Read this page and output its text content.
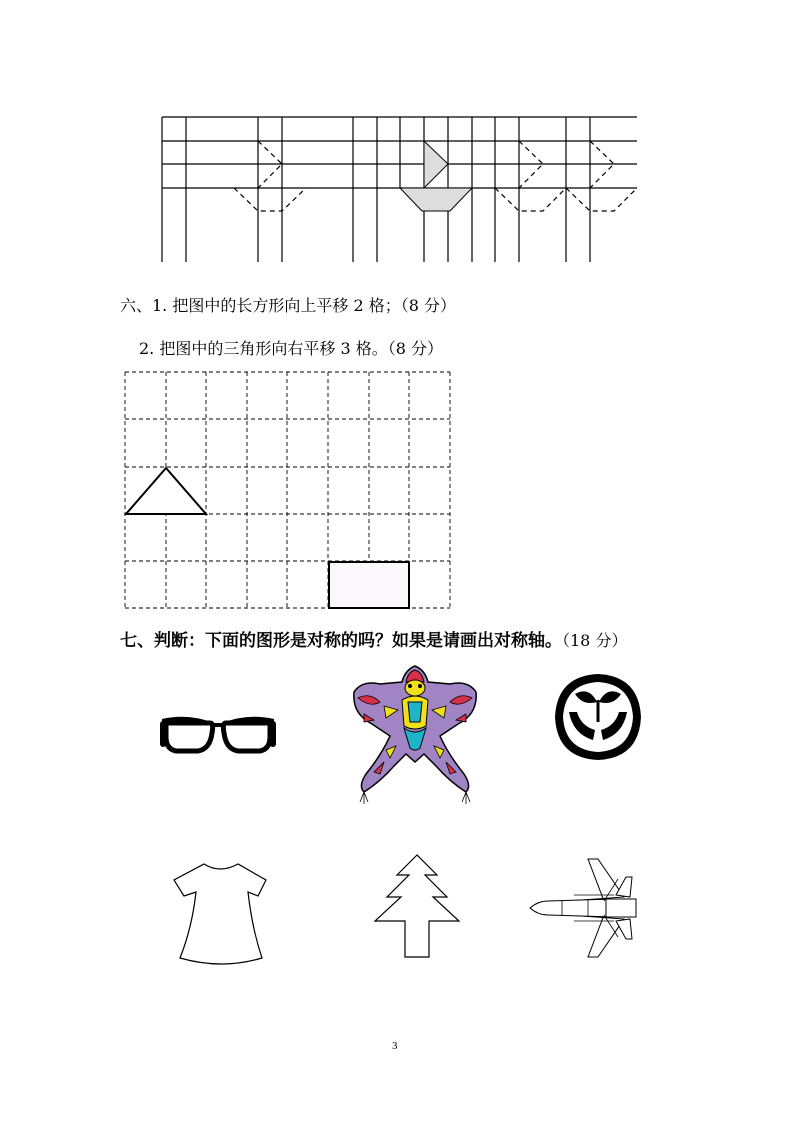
六、1. 把图中的长方形向上平移 2 格；（8 分）
2. 把图中的三角形向右平移 3 格。（8 分）
七、判断：下面的图形是对称的吗？如果是请画出对称轴。（18 分）
3
